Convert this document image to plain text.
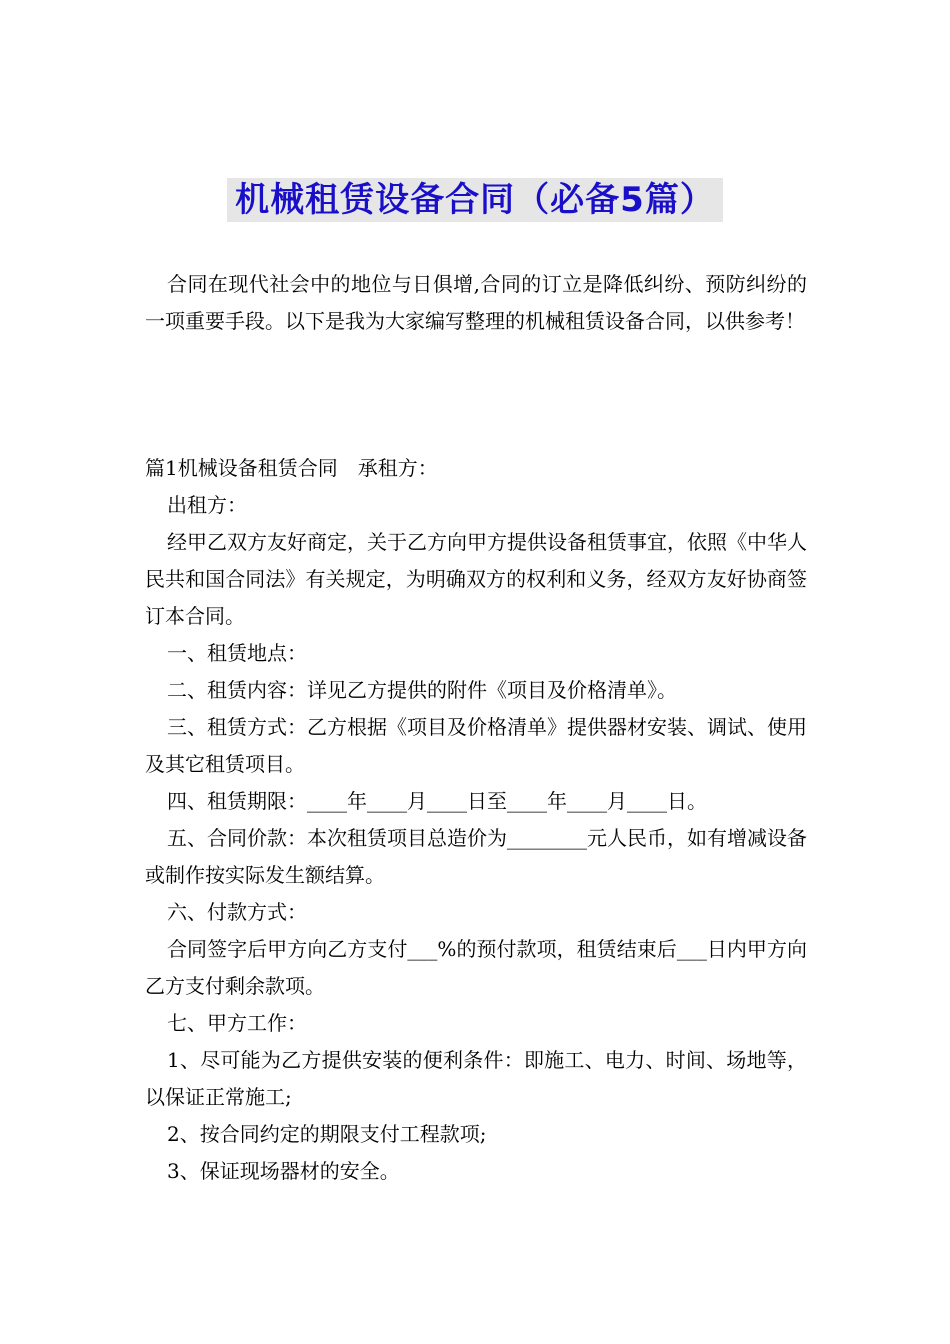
机械租赁设备合同（必备5篇）

合同在现代社会中的地位与日俱增,合同的订立是降低纠纷、预防纠纷的一项重要手段。以下是我为大家编写整理的机械租赁设备合同，以供参考！

篇1机械设备租赁合同　承租方：

出租方：

经甲乙双方友好商定，关于乙方向甲方提供设备租赁事宜，依照《中华人民共和国合同法》有关规定，为明确双方的权利和义务，经双方友好协商签订本合同。

一、租赁地点：

二、租赁内容：详见乙方提供的附件《项目及价格清单》。

三、租赁方式：乙方根据《项目及价格清单》提供器材安装、调试、使用及其它租赁项目。

四、租赁期限：____年____月____日至____年____月____日。

五、合同价款：本次租赁项目总造价为________元人民币，如有增减设备或制作按实际发生额结算。

六、付款方式：

合同签字后甲方向乙方支付___%的预付款项，租赁结束后___日内甲方向乙方支付剩余款项。

七、甲方工作：

1、尽可能为乙方提供安装的便利条件：即施工、电力、时间、场地等，以保证正常施工;

2、按合同约定的期限支付工程款项;

3、保证现场器材的安全。
